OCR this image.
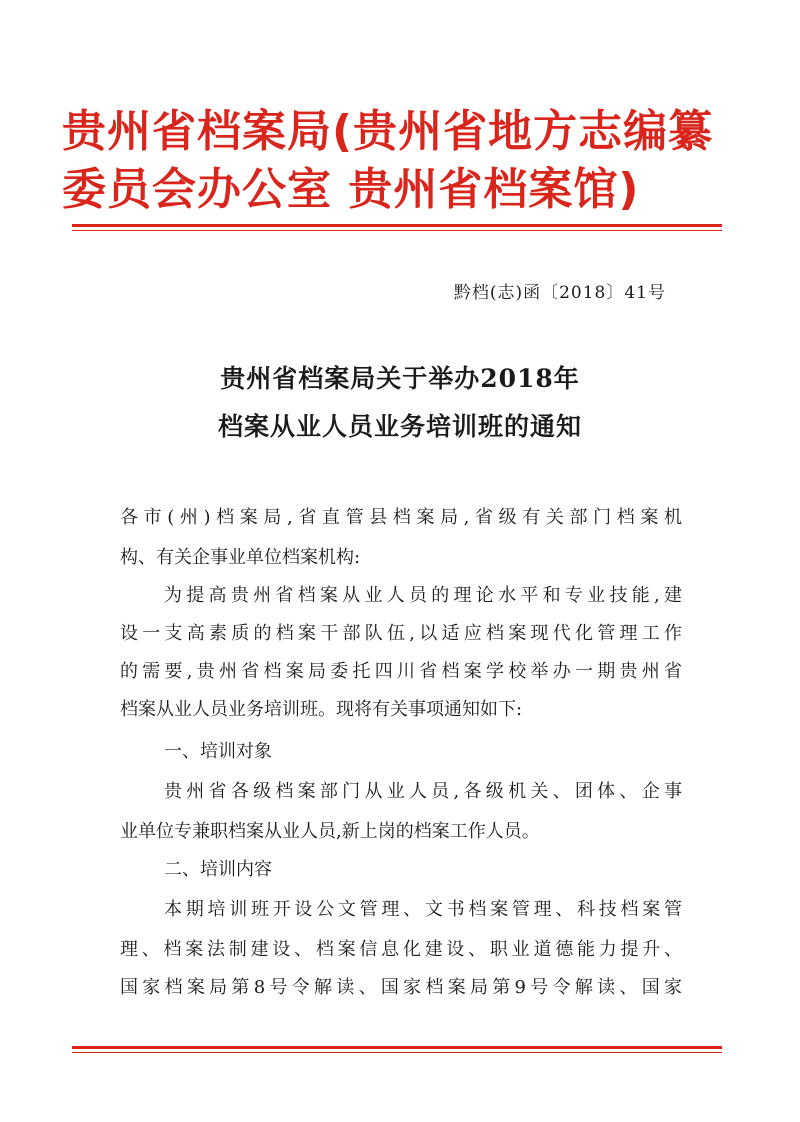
贵州省档案局(贵州省地方志编纂
委员会办公室 贵州省档案馆)
黔档(志)函〔2018〕41号
贵州省档案局关于举办2018年
档案从业人员业务培训班的通知
各市(州)档案局,省直管县档案局,省级有关部门档案机
构、有关企事业单位档案机构:
为提高贵州省档案从业人员的理论水平和专业技能,建
设一支高素质的档案干部队伍,以适应档案现代化管理工作
的需要,贵州省档案局委托四川省档案学校举办一期贵州省
档案从业人员业务培训班。现将有关事项通知如下:
一、培训对象
贵州省各级档案部门从业人员,各级机关、团体、企事
业单位专兼职档案从业人员,新上岗的档案工作人员。
二、培训内容
本期培训班开设公文管理、文书档案管理、科技档案管
理、档案法制建设、档案信息化建设、职业道德能力提升、
国家档案局第8号令解读、国家档案局第9号令解读、国家
